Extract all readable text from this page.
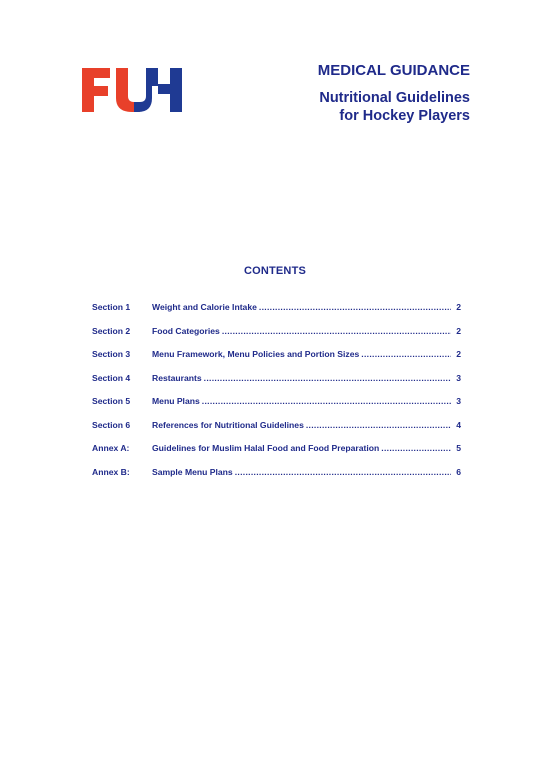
MEDICAL GUIDANCE
Nutritional Guidelines
for Hockey Players
CONTENTS
Section 1	Weight and Calorie Intake .....	2
Section 2	Food Categories .....	2
Section 3	Menu Framework, Menu Policies and Portion Sizes .....	2
Section 4	Restaurants .....	3
Section 5	Menu Plans .....	3
Section 6	References for Nutritional Guidelines .....	4
Annex A:	Guidelines for Muslim Halal Food and Food Preparation .....	5
Annex B:	Sample Menu Plans .....	6
